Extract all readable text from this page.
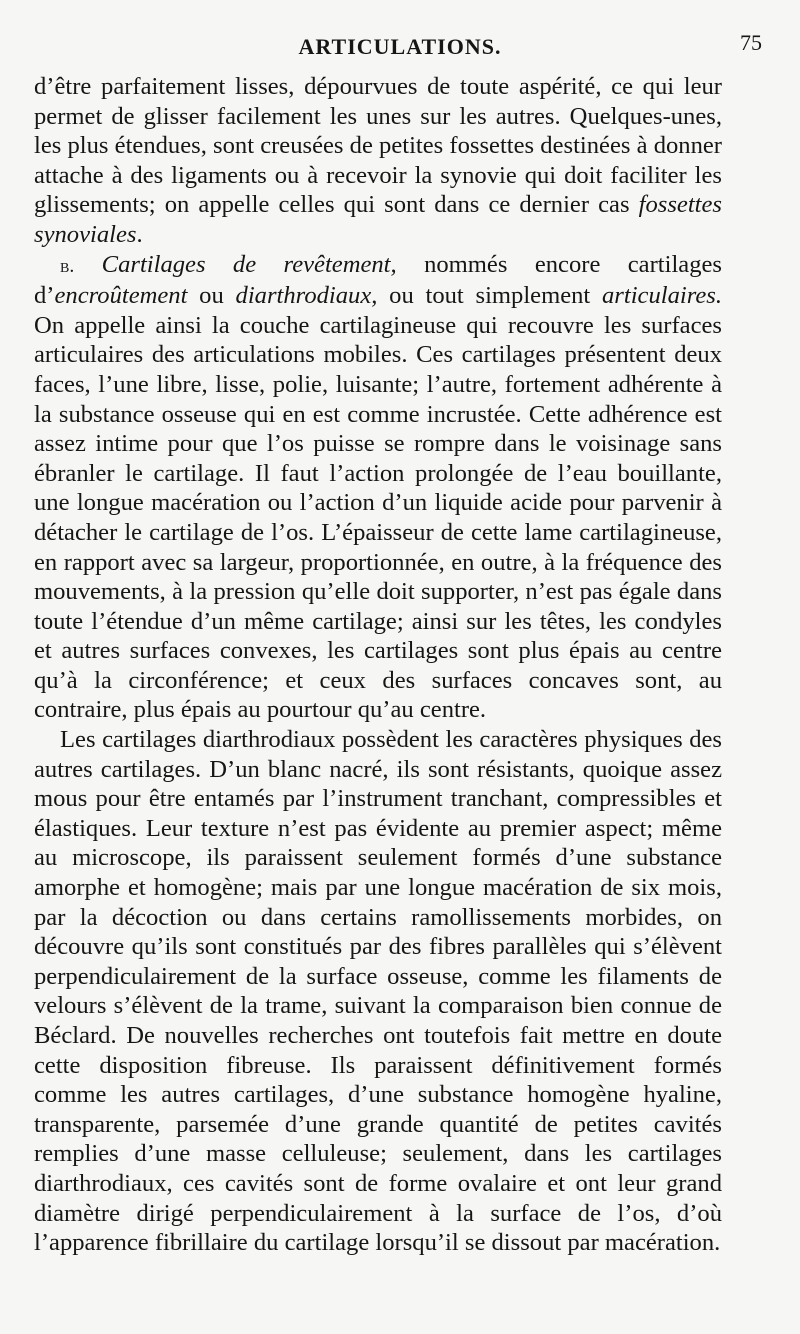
ARTICULATIONS.	75

d’être parfaitement lisses, dépourvues de toute aspérité, ce qui leur permet de glisser facilement les unes sur les autres. Quelques-unes, les plus étendues, sont creusées de petites fossettes destinées à donner attache à des ligaments ou à recevoir la synovie qui doit faciliter les glissements; on appelle celles qui sont dans ce dernier cas fossettes synoviales.

b. Cartilages de revêtement, nommés encore cartilages d’encroûtement ou diarthrodiaux, ou tout simplement articulaires. On appelle ainsi la couche cartilagineuse qui recouvre les surfaces articulaires des articulations mobiles. Ces cartilages présentent deux faces, l’une libre, lisse, polie, luisante; l’autre, fortement adhérente à la substance osseuse qui en est comme incrustée. Cette adhérence est assez intime pour que l’os puisse se rompre dans le voisinage sans ébranler le cartilage. Il faut l’action prolongée de l’eau bouillante, une longue macération ou l’action d’un liquide acide pour parvenir à détacher le cartilage de l’os. L’épaisseur de cette lame cartilagineuse, en rapport avec sa largeur, proportionnée, en outre, à la fréquence des mouvements, à la pression qu’elle doit supporter, n’est pas égale dans toute l’étendue d’un même cartilage; ainsi sur les têtes, les condyles et autres surfaces convexes, les cartilages sont plus épais au centre qu’à la circonférence; et ceux des surfaces concaves sont, au contraire, plus épais au pourtour qu’au centre.

Les cartilages diarthrodiaux possèdent les caractères physiques des autres cartilages. D’un blanc nacré, ils sont résistants, quoique assez mous pour être entamés par l’instrument tranchant, compressibles et élastiques. Leur texture n’est pas évidente au premier aspect; même au microscope, ils paraissent seulement formés d’une substance amorphe et homogène; mais par une longue macération de six mois, par la décoction ou dans certains ramollissements morbides, on découvre qu’ils sont constitués par des fibres parallèles qui s’élèvent perpendiculairement de la surface osseuse, comme les filaments de velours s’élèvent de la trame, suivant la comparaison bien connue de Béclard. De nouvelles recherches ont toutefois fait mettre en doute cette disposition fibreuse. Ils paraissent définitivement formés comme les autres cartilages, d’une substance homogène hyaline, transparente, parsemée d’une grande quantité de petites cavités remplies d’une masse celluleuse; seulement, dans les cartilages diarthrodiaux, ces cavités sont de forme ovalaire et ont leur grand diamètre dirigé perpendiculairement à la surface de l’os, d’où l’apparence fibrillaire du cartilage lorsqu’il se dissout par macération.
